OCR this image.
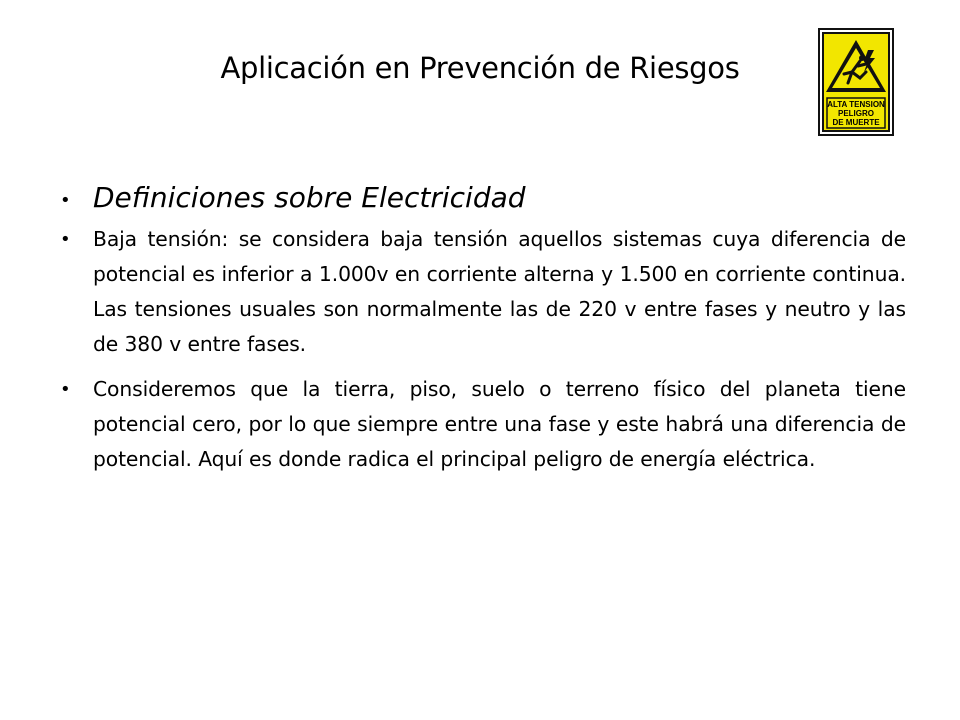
Aplicación en Prevención de Riesgos
ALTA TENSION
PELIGRO
DE MUERTE
• Definiciones sobre Electricidad
• Baja tensión: se considera baja tensión aquellos sistemas cuya diferencia de potencial es inferior a 1.000v en corriente alterna y 1.500 en corriente continua. Las tensiones usuales son normalmente las de 220 v entre fases y neutro y las de 380 v entre fases.
• Consideremos que la tierra, piso, suelo o terreno físico del planeta tiene potencial cero, por lo que siempre entre una fase y este habrá una diferencia de potencial. Aquí es donde radica el principal peligro de energía eléctrica.
